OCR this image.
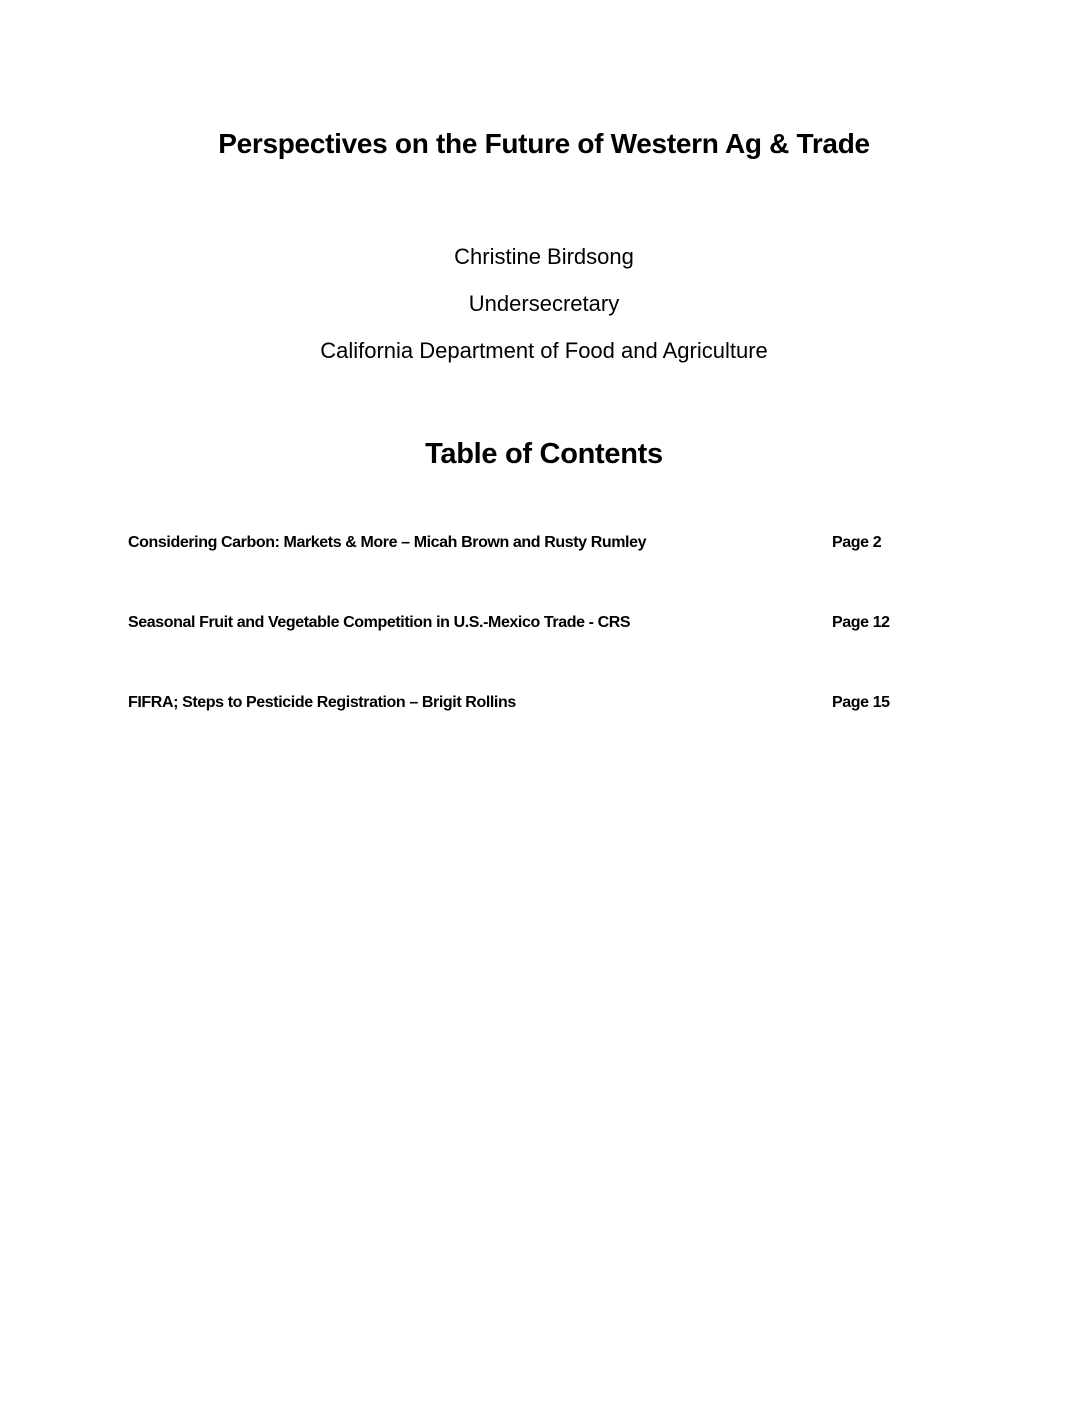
Perspectives on the Future of Western Ag & Trade
Christine Birdsong
Undersecretary
California Department of Food and Agriculture
Table of Contents
Considering Carbon: Markets & More – Micah Brown and Rusty Rumley	Page 2
Seasonal Fruit and Vegetable Competition in U.S.-Mexico Trade - CRS	Page 12
FIFRA; Steps to Pesticide Registration – Brigit Rollins	Page 15
